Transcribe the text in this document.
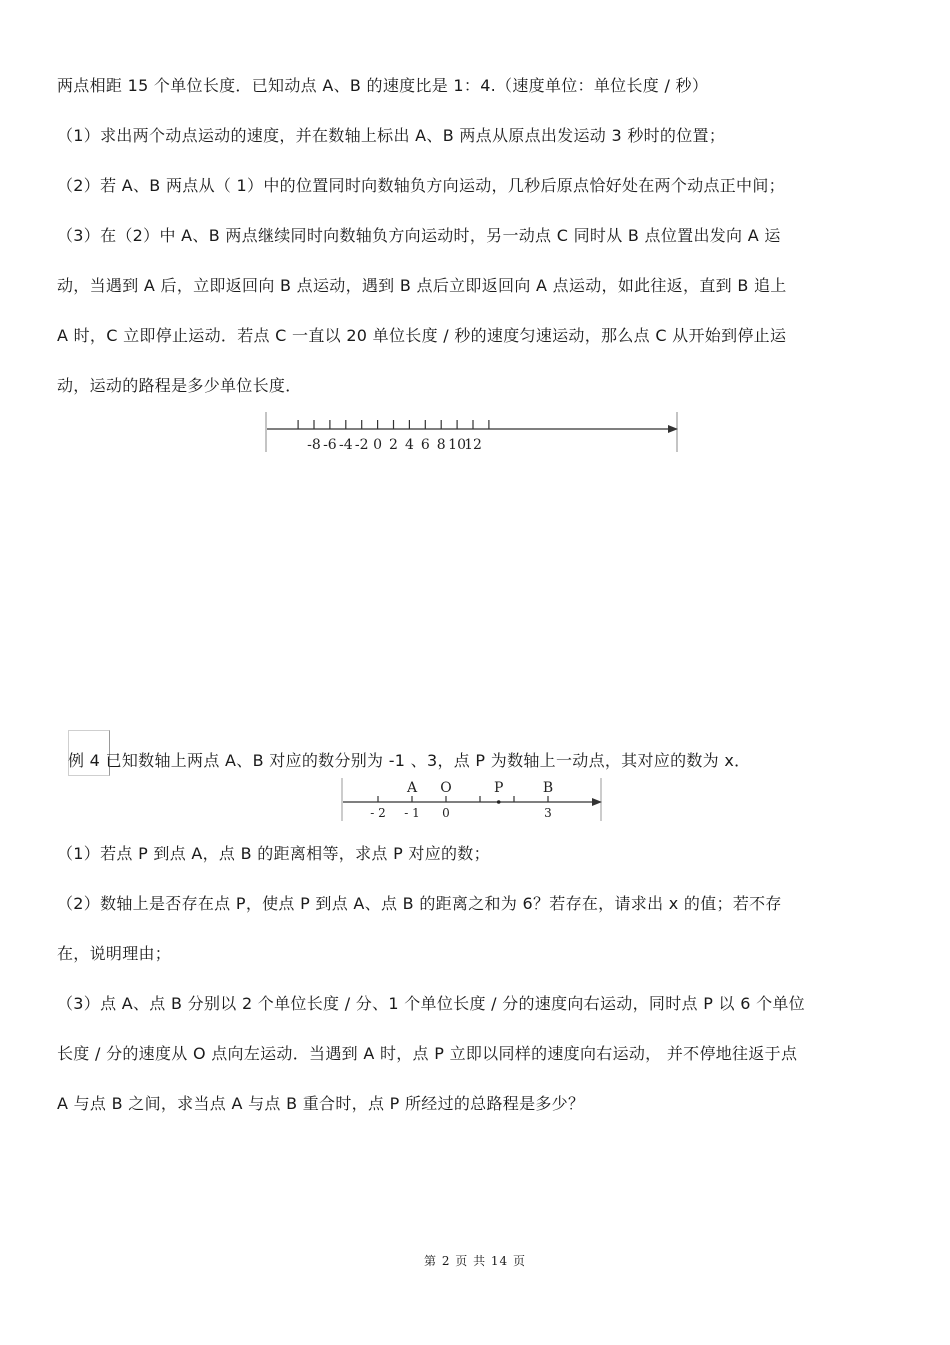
两点相距 15 个单位长度．已知动点 A、B 的速度比是 1：4.（速度单位：单位长度 / 秒）
（1）求出两个动点运动的速度，并在数轴上标出 A、B 两点从原点出发运动 3 秒时的位置；
（2）若 A、B 两点从（ 1）中的位置同时向数轴负方向运动，几秒后原点恰好处在两个动点正中间；
（3）在（2）中 A、B 两点继续同时向数轴负方向运动时，另一动点 C 同时从 B 点位置出发向 A 运
动，当遇到 A 后，立即返回向 B 点运动，遇到 B 点后立即返回向 A 点运动，如此往返，直到 B 追上
A 时，C 立即停止运动．若点 C 一直以 20 单位长度 / 秒的速度匀速运动，那么点 C 从开始到停止运
动，运动的路程是多少单位长度．
-8 -6 -4 -2 0 2 4 6 8 10
12
例 4 已知数轴上两点 A、B 对应的数分别为 -1 、3，点 P 为数轴上一动点，其对应的数为 x．
A O	P	B
- 2 - 1 0	3
（1）若点 P 到点 A，点 B 的距离相等，求点 P 对应的数；
（2）数轴上是否存在点 P，使点 P 到点 A、点 B 的距离之和为 6？若存在，请求出 x 的值；若不存
在，说明理由；
（3）点 A、点 B 分别以 2 个单位长度 / 分、1 个单位长度 / 分的速度向右运动，同时点 P 以 6 个单位
长度 / 分的速度从 O 点向左运动．当遇到 A 时，点 P 立即以同样的速度向右运动， 并不停地往返于点
A 与点 B 之间，求当点 A 与点 B 重合时，点 P 所经过的总路程是多少？
第 2 页 共 14 页
